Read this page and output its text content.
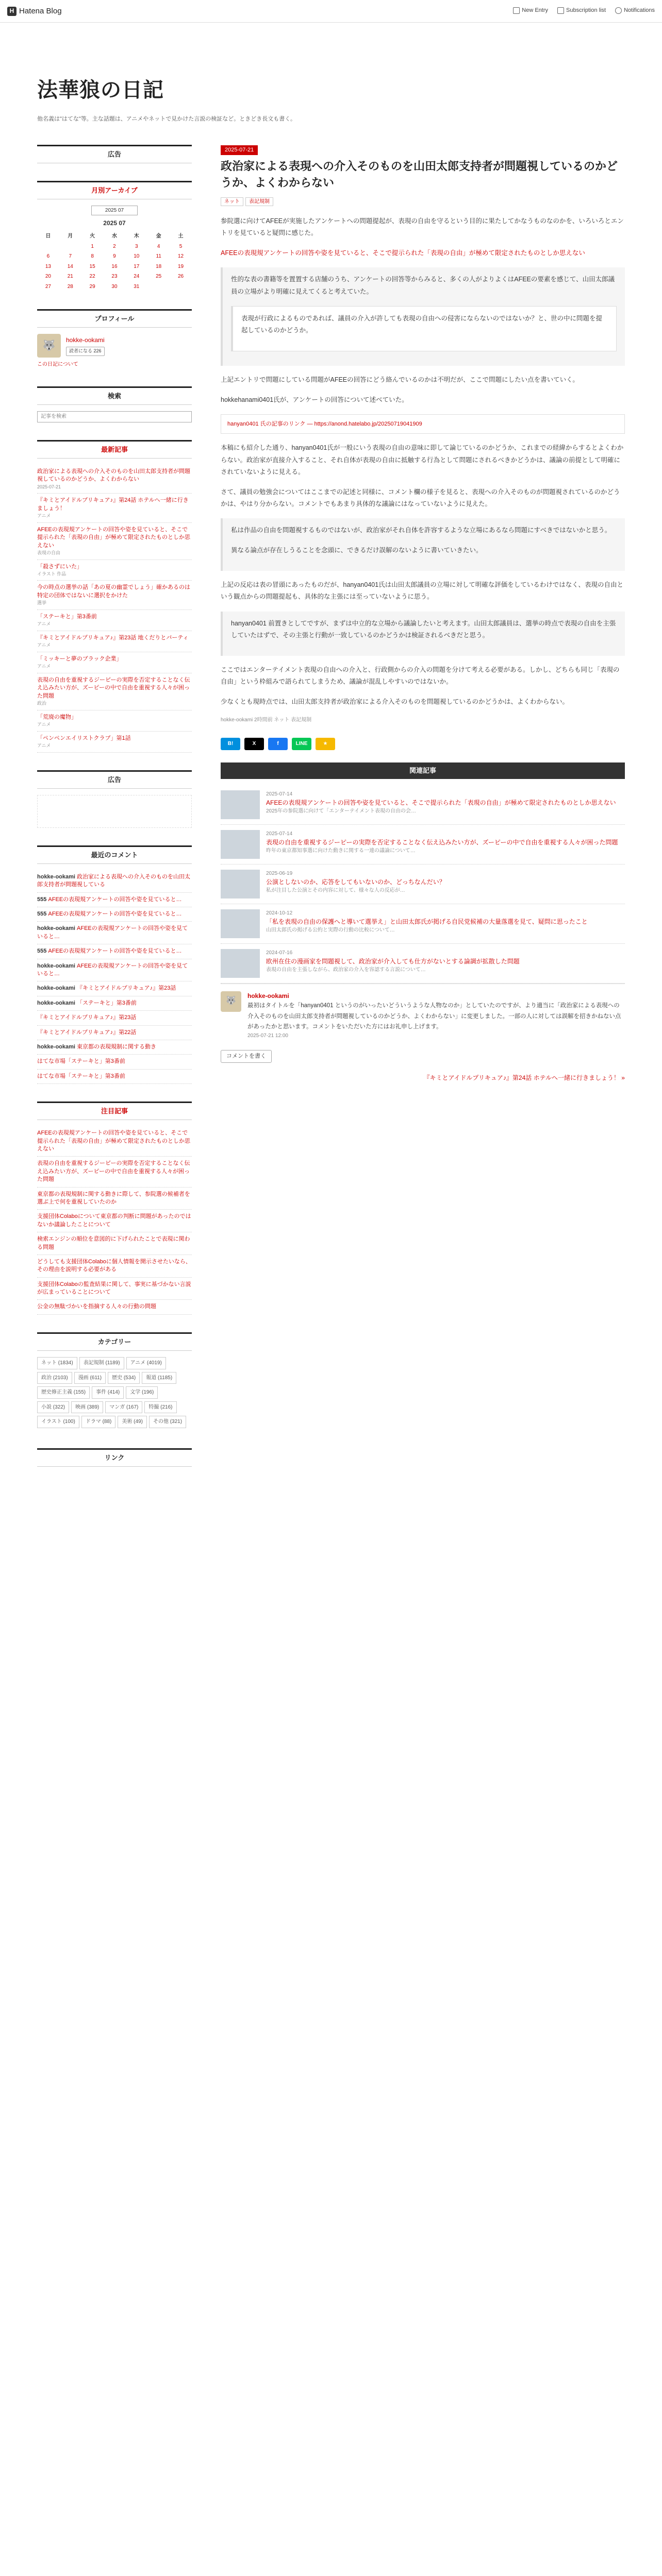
H Hatena Blog	New Entry	Subscription list	Notifications
法華狼の日記
他名義は"はてな"等。主な話題は、アニメやネットで見かけた言説の検証など。ときどき長文も書く。
広告
月別アーカイブ
2025 07
2025 07
日	月	火	水	木	金	土
		1	2	3	4	5
6	7	8	9	10	11	12
13	14	15	16	17	18	19
20	21	22	23	24	25	26
27	28	29	30	31		
プロフィール
🐺	hokke-ookami
読者になる 226
この日記について
検索
記事を検索
最新記事
政治家による表現への介入そのものを山田太郎支持者が問題視しているのかどうか、よくわからない
2025-07-21
『キミとアイドルプリキュア♪』第24話 ホテルへ一緒に行きましょう！
アニメ
AFEEの表現規アンケートの回答や姿を見ていると、そこで提示られた「表現の自由」が極めて限定されたものとしか思えない
表現の自由
「殺さずにいた」
イラスト 作品
今の時点の選挙の話「あの夏の幽霊でしょう」確かあるのは特定の団体ではないに選択をかけた
選挙
「ステーキと」第3番前
アニメ
『キミとアイドルプリキュア♪』第23話 地くだりとパーティ
アニメ
「ミッキーと夢のブラック企業」
アニメ
表現の自由を重視するジーピーの実際を否定することなく伝え込みたい方が、ズーピーの中で自由を重視する人々が困った問題
政治
「荒廃の魔物」
アニメ
「ペンペンエイリストクラブ」第1話
アニメ
広告
最近のコメント
hokke-ookami 政治家による表現への介入そのものを山田太郎支持者が問題視している
555 AFEEの表現規アンケートの回答や姿を見ていると…
555 AFEEの表現規アンケートの回答や姿を見ていると…
hokke-ookami AFEEの表現規アンケートの回答や姿を見ていると…
555 AFEEの表現規アンケートの回答や姿を見ていると…
hokke-ookami AFEEの表現規アンケートの回答や姿を見ていると…
hokke-ookami 『キミとアイドルプリキュア♪』第23話
hokke-ookami 「ステーキと」第3番前
『キミとアイドルプリキュア♪』第23話
『キミとアイドルプリキュア♪』第22話
hokke-ookami 東京都の表現規制に関する動き
はてな市場「ステーキと」第3番前
はてな市場「ステーキと」第3番前
注目記事
AFEEの表現規アンケートの回答や姿を見ていると、そこで提示られた「表現の自由」が極めて限定されたものとしか思えない
表現の自由を重視するジーピーの実際を否定することなく伝え込みたい方が、ズーピーの中で自由を重視する人々が困った問題
東京都の表現規制に関する動きに際して、参院選の候補者を選ぶ上で何を重視していたのか
支援団体Colaboについて東京都の判断に問題があったのではないか議論したことについて
検索エンジンの順位を意図的に下げられたことで表現に関わる問題
どうしても支援団体Colaboに個人情報を開示させたいなら、その理由を説明する必要がある
支援団体Colaboの監査結果に関して、事実に基づかない言説が広まっていることについて
公金の無駄づかいを指摘する人々の行動の問題
カテゴリー
ネット (1834) 表記規制 (1189) アニメ (4019)政治 (2103) 漫画 (611) 歴史 (534) 報道 (1185)歴史修正主義 (155) 事件 (414) 文学 (196)小説 (322) 映画 (389) マンガ (167) 特撮 (216)イラスト (100) ドラマ (88) 美術 (49) その他 (321)
リンク
2025-07-21
政治家による表現への介入そのものを山田太郎支持者が問題視しているのかどうか、よくわからない
ネット 表記規制

参院選に向けてAFEEが実施したアンケートへの問題提起が、表現の自由を守るという目的に果たしてかなうものなのかを、いろいろとエントリを見ていると疑問に感じた。

AFEEの表現規アンケートの回答や姿を見ていると、そこで提示られた「表現の自由」が極めて限定されたものとしか思えない

性的な表の書籍等を置置する店舗のうち、アンケートの回答等からみると、多くの人がよりよくはAFEEの要素を感じて、山田太郎議員の立場がより明確に見えてくると考えていた。

表現が行政によるものであれば、議員の介入が許しても表現の自由への侵害にならないのではないか？と、世の中に問題を提起しているのかどうか。

上記エントリで問題にしている問題がAFEEの回答にどう絡んでいるのかは不明だが、ここで問題にしたい点を書いていく。

hokkehanami0401氏が、アンケートの回答について述べていた。

hanyan0401 氏の記事のリンク — https://anond.hatelabo.jp/20250719041909

本稿にも紹介した通り、hanyan0401氏が一般にいう表現の自由の意味に即して論じているのかどうか、これまでの経緯からするとよくわからない。政治家が直接介入すること、それ自体が表現の自由に抵触する行為として問題にされるべきかどうかは、議論の前提として明確にされていないように見える。

さて、議員の勉強会についてはここまでの記述と同様に、コメント欄の様子を見ると、表現への介入そのものが問題視されているのかどうかは、やはり分からない。コメントでもあまり具体的な議論にはなっていないように見えた。

私は作品の自由を問題視するものではないが、政治家がそれ自体を許容するような立場にあるなら問題にすべきではないかと思う。

異なる論点が存在しうることを念頭に、できるだけ誤解のないように書いていきたい。

上記の反応は表の冒頭にあったものだが、hanyan0401氏は山田太郎議員の立場に対して明確な評価をしているわけではなく、表現の自由という観点からの問題提起も、具体的な主張には至っていないように思う。

hanyan0401 前置きとしてですが、まずは中立的な立場から議論したいと考えます。山田太郎議員は、選挙の時点で表現の自由を主張していたはずで、その主張と行動が一致しているのかどうかは検証されるべきだと思う。

ここではエンターテイメント表現の自由への介入と、行政側からの介入の問題を分けて考える必要がある。しかし、どちらも同じ「表現の自由」という枠組みで語られてしまうため、議論が混乱しやすいのではないか。

少なくとも現時点では、山田太郎支持者が政治家による介入そのものを問題視しているのかどうかは、よくわからない。

hokke-ookami 2時間前 ネット 表記規制
B!	X	f	LINE	★
関連記事
2025-07-14
AFEEの表現規アンケートの回答や姿を見ていると、そこで提示られた「表現の自由」が極めて限定されたものとしか思えない
2025年の参院選に向けて「エンターテイメント表現の自由の会…
2025-07-14
表現の自由を重視するジーピーの実際を否定することなく伝え込みたい方が、ズーピーの中で自由を重視する人々が困った問題
昨年の東京都知事選に向けた動きに関する一連の議論について…
2025-06-19
公演としないのか、応答をしてもいないのか、どっちなんだい？
私が注目した公演とその内容に対して、様々な人の反応が…
2024-10-12
「私を表現の自由の保護へと導いて選挙え」と山田太郎氏が掲げる自民党候補の大量落選を見て、疑問に思ったこと
山田太郎氏の掲げる公約と実際の行動の比較について…
2024-07-16
欧州在住の漫画家を問題視して、政治家が介入しても仕方がないとする論調が拡散した問題
表現の自由を主張しながら、政治家の介入を容認する言説について…
🐺
hokke-ookami
最初はタイトルを「hanyan0401 というのがいったいどういうような人物なのか」としていたのですが、より適当に「政治家による表現への介入そのものを山田太郎支持者が問題視しているのかどうか、よくわからない」に変更しました。一部の人に対しては誤解を招きかねない点があったかと思います。コメントをいただいた方にはお礼申し上げます。
2025-07-21 12:00
コメントを書く
『キミとアイドルプリキュア♪』第24話 ホテルへ一緒に行きましょう！ »
